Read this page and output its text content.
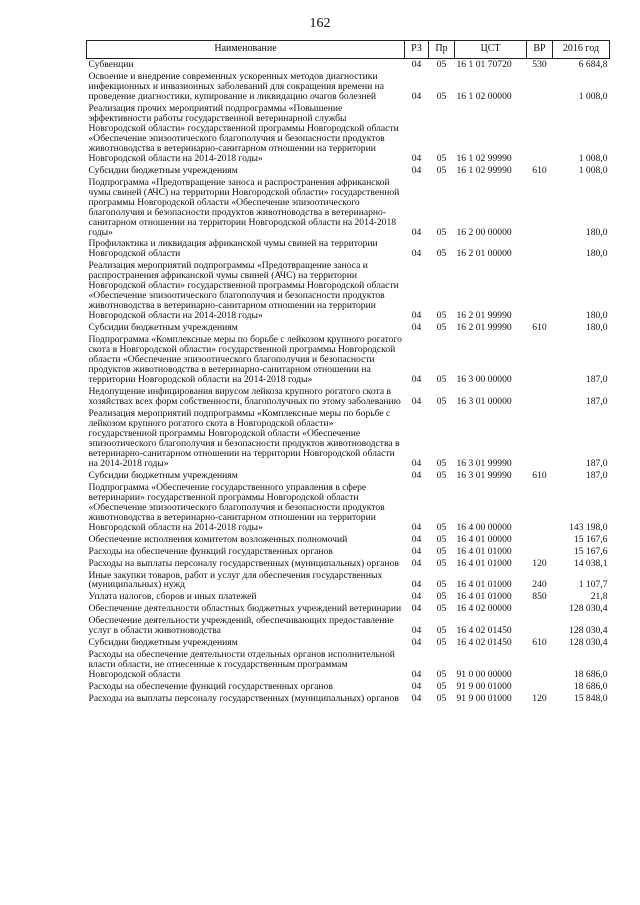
162
Наименование	РЗ	Пр	ЦСТ	ВР	2016 год
Субвенции	04	05	16 1 01 70720	530	6 684,8
Освоение и внедрение современных ускоренных методов диагностики инфекционных и инвазионных заболеваний для сокращения времени на проведение диагностики, купирование и ликвидацию очагов болезней	04	05	16 1 02 00000		1 008,0
Реализация прочих мероприятий подпрограммы «Повышение эффективности работы государственной ветеринарной службы Новгородской области» государственной программы Новгородской области «Обеспечение эпизоотического благополучия и безопасности продуктов животноводства в ветеринарно-санитарном отношении на территории Новгородской области на 2014-2018 годы»	04	05	16 1 02 99990		1 008,0
Субсидии бюджетным учреждениям	04	05	16 1 02 99990	610	1 008,0
Подпрограмма «Предотвращение заноса и распространения африканской чумы свиней (АЧС) на территории Новгородской области» государственной программы Новгородской области «Обеспечение эпизоотического благополучия и безопасности продуктов животноводства в ветеринарно-санитарном отношении на территории Новгородской области на 2014-2018 годы»	04	05	16 2 00 00000		180,0
Профилактика и ликвидация африканской чумы свиней на территории Новгородской области	04	05	16 2 01 00000		180,0
Реализация мероприятий подпрограммы «Предотвращение заноса и распространения африканской чумы свиней (АЧС) на территории Новгородской области» государственной программы Новгородской области «Обеспечение эпизоотического благополучия и безопасности продуктов животноводства в ветеринарно-санитарном отношении на территории Новгородской области на 2014-2018 годы»	04	05	16 2 01 99990		180,0
Субсидии бюджетным учреждениям	04	05	16 2 01 99990	610	180,0
Подпрограмма «Комплексные меры по борьбе с лейкозом крупного рогатого скота в Новгородской области» государственной программы Новгородской области «Обеспечение эпизоотического благополучия и безопасности продуктов животноводства в ветеринарно-санитарном отношении на территории Новгородской области на 2014-2018 годы»	04	05	16 3 00 00000		187,0
Недопущение инфицирования вирусом лейкоза крупного рогатого скота в хозяйствах всех форм собственности, благополучных по этому заболеванию	04	05	16 3 01 00000		187,0
Реализация мероприятий подпрограммы «Комплексные меры по борьбе с лейкозом крупного рогатого скота в Новгородской области» государственной программы Новгородской области «Обеспечение эпизоотического благополучия и безопасности продуктов животноводства в ветеринарно-санитарном отношении на территории Новгородской области на 2014-2018 годы»	04	05	16 3 01 99990		187,0
Субсидии бюджетным учреждениям	04	05	16 3 01 99990	610	187,0
Подпрограмма «Обеспечение государственного управления в сфере ветеринарии» государственной программы Новгородской области «Обеспечение эпизоотического благополучия и безопасности продуктов животноводства в ветеринарно-санитарном отношении на территории Новгородской области на 2014-2018 годы»	04	05	16 4 00 00000		143 198,0
Обеспечение исполнения комитетом возложенных полномочий	04	05	16 4 01 00000		15 167,6
Расходы на обеспечение функций государственных органов	04	05	16 4 01 01000		15 167,6
Расходы на выплаты персоналу государственных (муниципальных) органов	04	05	16 4 01 01000	120	14 038,1
Иные закупки товаров, работ и услуг для обеспечения государственных (муниципальных) нужд	04	05	16 4 01 01000	240	1 107,7
Уплата налогов, сборов и иных платежей	04	05	16 4 01 01000	850	21,8
Обеспечение деятельности областных бюджетных учреждений ветеринарии	04	05	16 4 02 00000		128 030,4
Обеспечение деятельности учреждений, обеспечивающих предоставление услуг в области животноводства	04	05	16 4 02 01450		128 030,4
Субсидии бюджетным учреждениям	04	05	16 4 02 01450	610	128 030,4
Расходы на обеспечение деятельности отдельных органов исполнительной власти области, не отнесенные к государственным программам Новгородской области	04	05	91 0 00 00000		18 686,0
Расходы на обеспечение функций государственных органов	04	05	91 9 00 01000		18 686,0
Расходы на выплаты персоналу государственных (муниципальных) органов	04	05	91 9 00 01000	120	15 848,0
